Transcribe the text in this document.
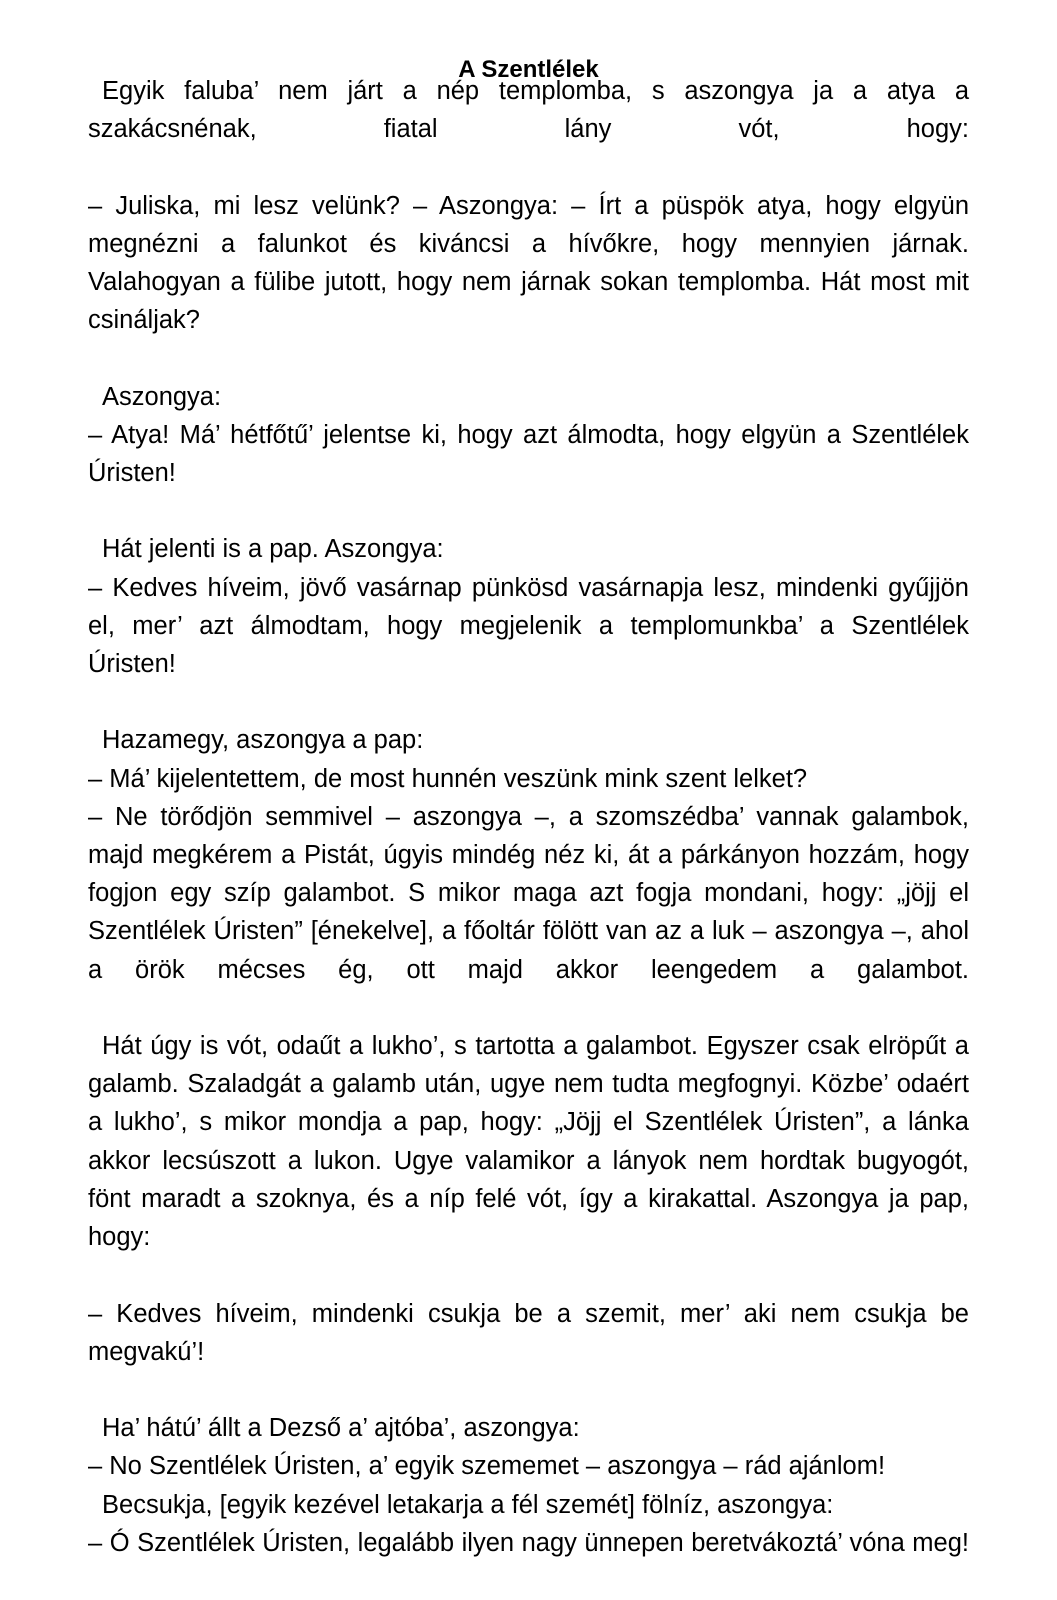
A Szentlélek

Egyik faluba’ nem járt a nép templomba, s aszongya ja a atya a szakácsnénak, fiatal lány vót, hogy:

– Juliska, mi lesz velünk? – Aszongya: – Írt a püspök atya, hogy elgyün megnézni a falunkot és kiváncsi a hívőkre, hogy mennyien járnak. Valahogyan a fülibe jutott, hogy nem járnak sokan templomba. Hát most mit csináljak?

Aszongya:

– Atya! Má’ hétfőtű’ jelentse ki, hogy azt álmodta, hogy elgyün a Szentlélek Úristen!

Hát jelenti is a pap. Aszongya:

– Kedves híveim, jövő vasárnap pünkösd vasárnapja lesz, mindenki gyűjjön el, mer’ azt álmodtam, hogy megjelenik a templomunkba’ a Szentlélek Úristen!

Hazamegy, aszongya a pap:

– Má’ kijelentettem, de most hunnén veszünk mink szent lelket?

– Ne törődjön semmivel – aszongya –, a szomszédba’ vannak galambok, majd megkérem a Pistát, úgyis mindég néz ki, át a párkányon hozzám, hogy fogjon egy szíp galambot. S mikor maga azt fogja mondani, hogy: „jöjj el Szentlélek Úristen” [énekelve], a főoltár fölött van az a luk – aszongya –, ahol a örök mécses ég, ott majd akkor leengedem a galambot.

Hát úgy is vót, odaűt a lukho’, s tartotta a galambot. Egyszer csak elröpűt a galamb. Szaladgát a galamb után, ugye nem tudta megfognyi. Közbe’ odaért a lukho’, s mikor mondja a pap, hogy: „Jöjj el Szentlélek Úristen”, a lánka akkor lecsúszott a lukon. Ugye valamikor a lányok nem hordtak bugyogót, fönt maradt a szoknya, és a níp felé vót, így a kirakattal. Aszongya ja pap, hogy:

– Kedves híveim, mindenki csukja be a szemit, mer’ aki nem csukja be megvakú’!

Ha’ hátú’ állt a Dezső a’ ajtóba’, aszongya:

– No Szentlélek Úristen, a’ egyik szememet – aszongya – rád ajánlom!

Becsukja, [egyik kezével letakarja a fél szemét] fölníz, aszongya:

– Ó Szentlélek Úristen, legalább ilyen nagy ünnepen beretvákoztá’ vóna meg!
